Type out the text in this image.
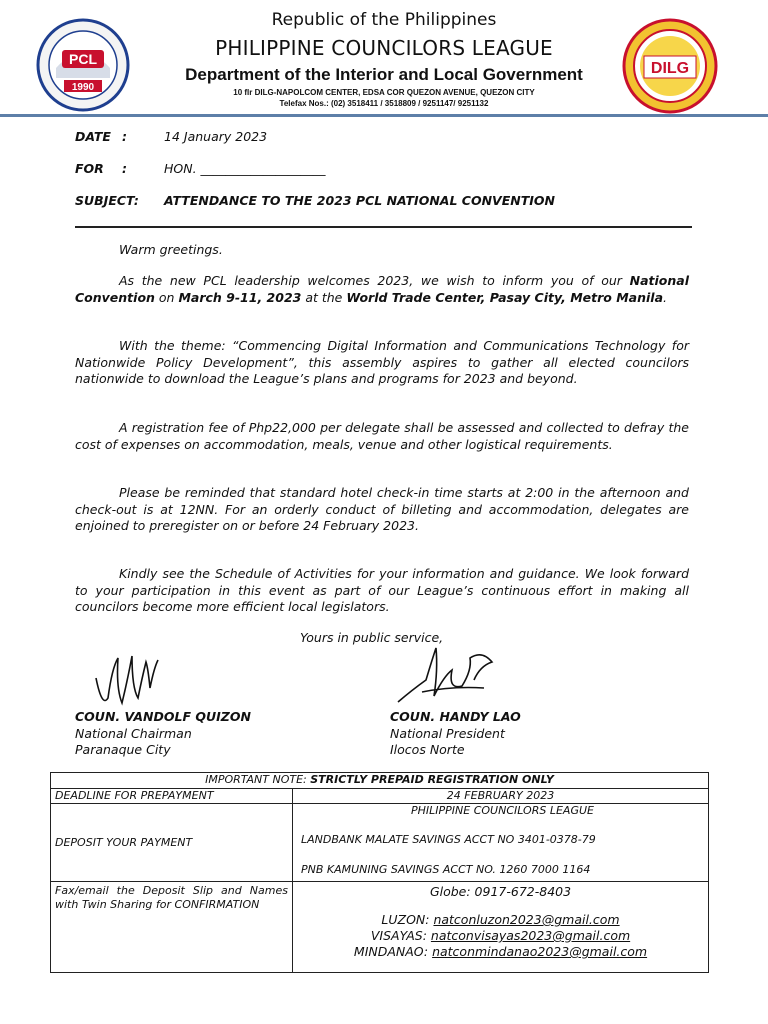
PCL
1990
Republic of the Philippines
PHILIPPINE COUNCILORS LEAGUE
Department of the Interior and Local Government
10 flr DILG-NAPOLCOM CENTER, EDSA COR QUEZON AVENUE, QUEZON CITY
Telefax Nos.: (02) 3518411 / 3518809 / 9251147/ 9251132
DILG
DATE :	14 January 2023
FOR :	HON. ____________________
SUBJECT: ATTENDANCE TO THE 2023 PCL NATIONAL CONVENTION
Warm greetings.
As the new PCL leadership welcomes 2023, we wish to inform you of our National Convention on March 9-11, 2023 at the World Trade Center, Pasay City, Metro Manila.
With the theme: “Commencing Digital Information and Communications Technology for Nationwide Policy Development”, this assembly aspires to gather all elected councilors nationwide to download the League’s plans and programs for 2023 and beyond.
A registration fee of Php22,000 per delegate shall be assessed and collected to defray the cost of expenses on accommodation, meals, venue and other logistical requirements.
Please be reminded that standard hotel check-in time starts at 2:00 in the afternoon and check-out is at 12NN. For an orderly conduct of billeting and accommodation, delegates are enjoined to preregister on or before 24 February 2023.
Kindly see the Schedule of Activities for your information and guidance. We look forward to your participation in this event as part of our League’s continuous effort in making all councilors become more efficient local legislators.
Yours in public service,
COUN. VANDOLF QUIZON
National Chairman
Paranaque City
COUN. HANDY LAO
National President
Ilocos Norte
IMPORTANT NOTE: STRICTLY PREPAID REGISTRATION ONLY	
DEADLINE FOR PREPAYMENT	24 FEBRUARY 2023
DEPOSIT YOUR PAYMENT	PHILIPPINE COUNCILORS LEAGUE
LANDBANK MALATE SAVINGS ACCT NO 3401-0378-79
PNB KAMUNING SAVINGS ACCT NO. 1260 7000 1164

Fax/email the Deposit Slip and Names with Twin Sharing for CONFIRMATION	Globe: 0917-672-8403
LUZON: natconluzon2023@gmail.com
VISAYAS: natconvisayas2023@gmail.com
MINDANAO: natconmindanao2023@gmail.com
